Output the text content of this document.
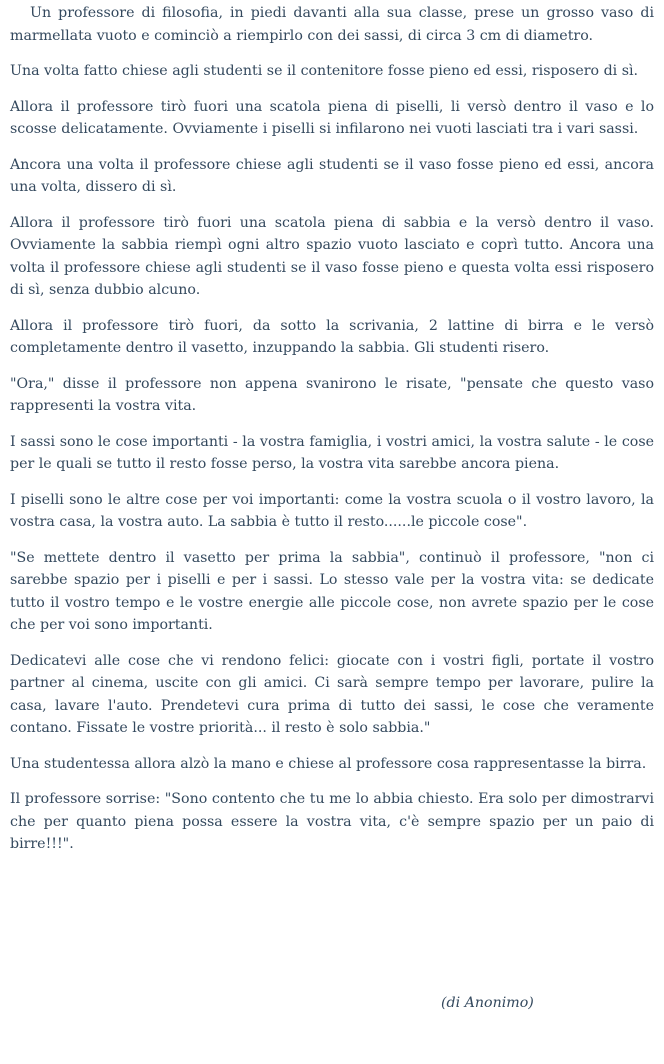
Un professore di filosofia, in piedi davanti alla sua classe, prese un grosso vaso di marmellata vuoto e cominciò a riempirlo con dei sassi, di circa 3 cm di diametro.

Una volta fatto chiese agli studenti se il contenitore fosse pieno ed essi, risposero di sì.

Allora il professore tirò fuori una scatola piena di piselli, li versò dentro il vaso e lo scosse delicatamente. Ovviamente i piselli si infilarono nei vuoti lasciati tra i vari sassi.

Ancora una volta il professore chiese agli studenti se il vaso fosse pieno ed essi, ancora una volta, dissero di sì.

Allora il professore tirò fuori una scatola piena di sabbia e la versò dentro il vaso. Ovviamente la sabbia riempì ogni altro spazio vuoto lasciato e coprì tutto. Ancora una volta il professore chiese agli studenti se il vaso fosse pieno e questa volta essi risposero di sì, senza dubbio alcuno.

Allora il professore tirò fuori, da sotto la scrivania, 2 lattine di birra e le versò completamente dentro il vasetto, inzuppando la sabbia. Gli studenti risero.

"Ora," disse il professore non appena svanirono le risate, "pensate che questo vaso rappresenti la vostra vita.

I sassi sono le cose importanti - la vostra famiglia, i vostri amici, la vostra salute - le cose per le quali se tutto il resto fosse perso, la vostra vita sarebbe ancora piena.

I piselli sono le altre cose per voi importanti: come la vostra scuola o il vostro lavoro, la vostra casa, la vostra auto. La sabbia è tutto il resto......le piccole cose".

"Se mettete dentro il vasetto per prima la sabbia", continuò il professore, "non ci sarebbe spazio per i piselli e per i sassi. Lo stesso vale per la vostra vita: se dedicate tutto il vostro tempo e le vostre energie alle piccole cose, non avrete spazio per le cose che per voi sono importanti.

Dedicatevi alle cose che vi rendono felici: giocate con i vostri figli, portate il vostro partner al cinema, uscite con gli amici. Ci sarà sempre tempo per lavorare, pulire la casa, lavare l'auto. Prendetevi cura prima di tutto dei sassi, le cose che veramente contano. Fissate le vostre priorità... il resto è solo sabbia."

Una studentessa allora alzò la mano e chiese al professore cosa rappresentasse la birra.

Il professore sorrise: "Sono contento che tu me lo abbia chiesto. Era solo per dimostrarvi che per quanto piena possa essere la vostra vita, c'è sempre spazio per un paio di birre!!!".

(di Anonimo)
